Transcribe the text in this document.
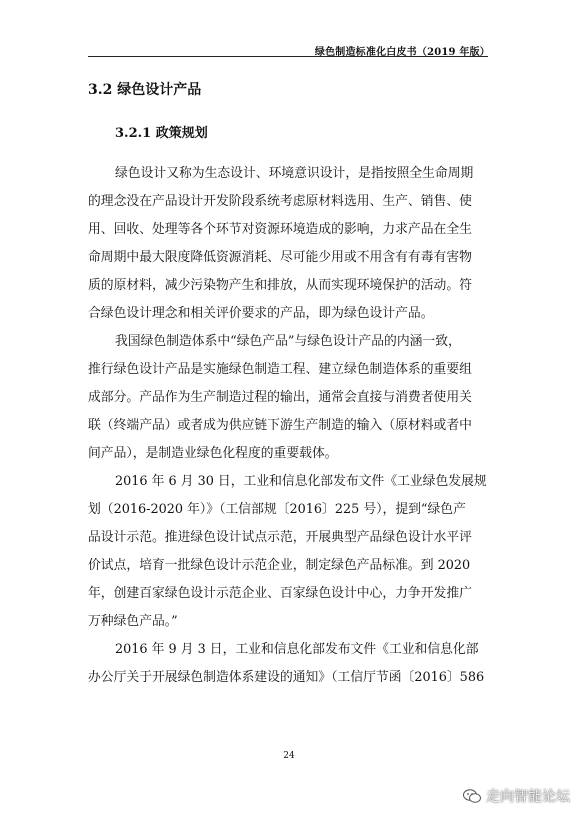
绿色制造标准化白皮书（2019 年版）
3.2 绿色设计产品
3.2.1 政策规划
绿色设计又称为生态设计、环境意识设计，是指按照全生命周期
的理念没在产品设计开发阶段系统考虑原材料选用、生产、销售、使
用、回收、处理等各个环节对资源环境造成的影响，力求产品在全生
命周期中最大限度降低资源消耗、尽可能少用或不用含有有毒有害物
质的原材料，减少污染物产生和排放，从而实现环境保护的活动。符
合绿色设计理念和相关评价要求的产品，即为绿色设计产品。
我国绿色制造体系中“绿色产品”与绿色设计产品的内涵一致，
推行绿色设计产品是实施绿色制造工程、建立绿色制造体系的重要组
成部分。产品作为生产制造过程的输出，通常会直接与消费者使用关
联（终端产品）或者成为供应链下游生产制造的输入（原材料或者中
间产品），是制造业绿色化程度的重要载体。
2016 年 6 月 30 日，工业和信息化部发布文件《工业绿色发展规
划（2016-2020 年）》（工信部规〔2016〕225 号），提到“绿色产
品设计示范。推进绿色设计试点示范，开展典型产品绿色设计水平评
价试点，培育一批绿色设计示范企业，制定绿色产品标准。到 2020
年，创建百家绿色设计示范企业、百家绿色设计中心，力争开发推广
万种绿色产品。”
2016 年 9 月 3 日，工业和信息化部发布文件《工业和信息化部
办公厅关于开展绿色制造体系建设的通知》（工信厅节函〔2016〕586
24
走向智能论坛
